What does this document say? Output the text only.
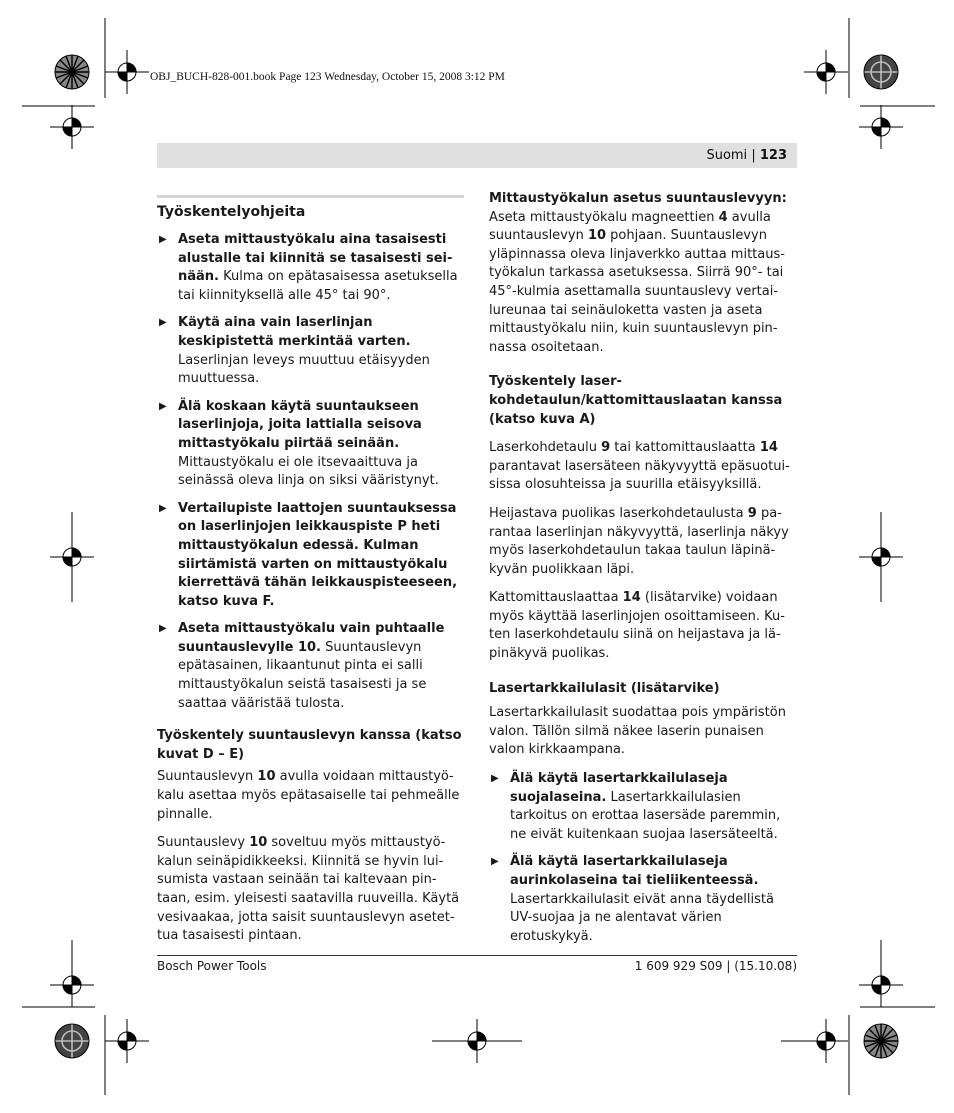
OBJ_BUCH-828-001.book Page 123 Wednesday, October 15, 2008 3:12 PM
Suomi | 123
Työskentelyohjeita
▶ Aseta mittaustyökalu aina tasaisesti alustalle tai kiinnitä se tasaisesti seinään. Kulma on epätasaisessa asetuksella tai kiinnityksellä alle 45° tai 90°.
▶ Käytä aina vain laserlinjan keskipistettä merkintää varten. Laserlinjan leveys muuttuu etäisyyden muuttuessa.
▶ Älä koskaan käytä suuntaukseen laserlinjoja, joita lattialla seisova mittastyökalu piirtää seinään. Mittaustyökalu ei ole itsevaaittuva ja seinässä oleva linja on siksi vääristynyt.
▶ Vertailupiste laattojen suuntauksessa on laserlinjojen leikkauspiste P heti mittaustyökalun edessä. Kulman siirtämistä varten on mittaustyökalu kierrettävä tähän leikkauspisteeseen, katso kuva F.
▶ Aseta mittaustyökalu vain puhtaalle suuntauslevylle 10. Suuntauslevyn epätasainen, likaantunut pinta ei salli mittaustyökalun seistä tasaisesti ja se saattaa vääristää tulosta.
Työskentely suuntauslevyn kanssa (katso kuvat D – E)

Suuntauslevyn 10 avulla voidaan mittaustyökalu asettaa myös epätasaiselle tai pehmeälle pinnalle.

Suuntauslevy 10 soveltuu myös mittaustyökalun seinäpidikkeeksi. Kiinnitä se hyvin luisumista vastaan seinään tai kaltevaan pintaan, esim. yleisesti saatavilla ruuveilla. Käytä vesivaakaa, jotta saisit suuntauslevyn asetettua tasaisesti pintaan.

Mittaustyökalun asetus suuntauslevyyn:

Aseta mittaustyökalu magneettien 4 avulla suuntauslevyn 10 pohjaan. Suuntauslevyn yläpinnassa oleva linjaverkko auttaa mittaustyökalun tarkassa asetuksessa. Siirrä 90°- tai 45°-kulmia asettamalla suuntauslevy vertailureunaa tai seinäuloketta vasten ja aseta mittaustyökalu niin, kuin suuntauslevyn pinnassa osoitetaan.

Työskentely laser-kohdetaulun/kattomittauslaatan kanssa (katso kuva A)

Laserkohdetaulu 9 tai kattomittauslaatta 14 parantavat lasersäteen näkyvyyttä epäsuotuisissa olosuhteissa ja suurilla etäisyyksillä.

Heijastava puolikas laserkohdetaulusta 9 parantaa laserlinjan näkyvyyttä, laserlinja näkyy myös laserkohdetaulun takaa taulun läpinäkyvän puolikkaan läpi.

Kattomittauslaattaa 14 (lisätarvike) voidaan myös käyttää laserlinjojen osoittamiseen. Kuten laserkohdetaulu siinä on heijastava ja läpinäkyvä puolikas.

Lasertarkkailulasit (lisätarvike)

Lasertarkkailulasit suodattaa pois ympäristön valon. Tällön silmä näkee laserin punaisen valon kirkkaampana.

▶ Älä käytä lasertarkkailulaseja suojalaseina. Lasertarkkailulasien tarkoitus on erottaa lasersäde paremmin, ne eivät kuitenkaan suojaa lasersäteeltä.
▶ Älä käytä lasertarkkailulaseja aurinkolaseina tai tieliikenteessä. Lasertarkkailulasit eivät anna täydellistä UV-suojaa ja ne alentavat värien erotuskykyä.
Bosch Power Tools	1 609 929 S09 | (15.10.08)
